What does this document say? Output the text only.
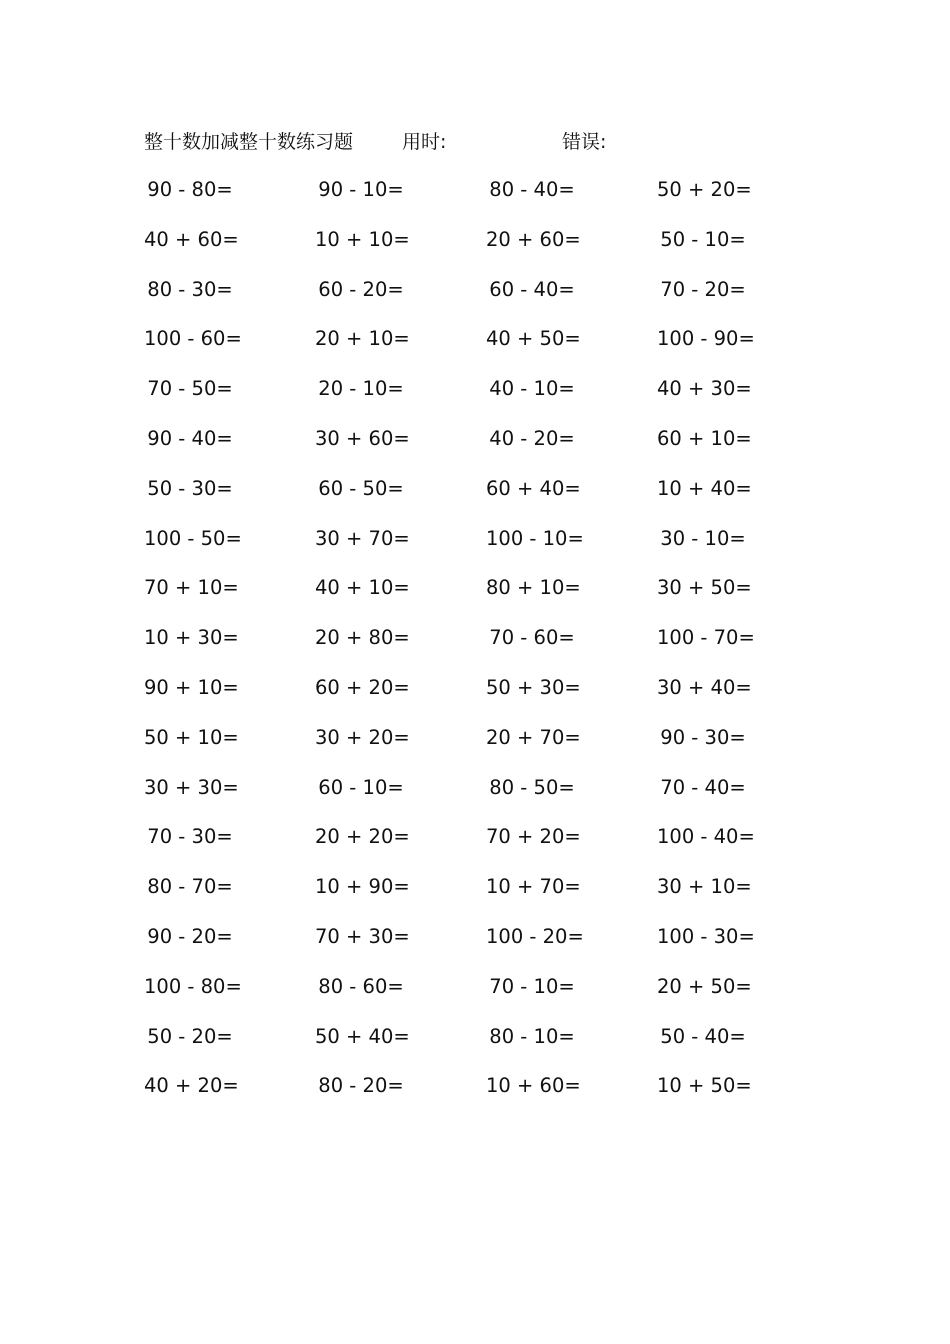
整十数加减整十数练习题	用时:	错误:
90 - 80=	90 - 10=	80 - 40=	50 + 20=
40 + 60=	10 + 10=	20 + 60=	50 - 10=
80 - 30=	60 - 20=	60 - 40=	70 - 20=
100 - 60=	20 + 10=	40 + 50=	100 - 90=
70 - 50=	20 - 10=	40 - 10=	40 + 30=
90 - 40=	30 + 60=	40 - 20=	60 + 10=
50 - 30=	60 - 50=	60 + 40=	10 + 40=
100 - 50=	30 + 70=	100 - 10=	30 - 10=
70 + 10=	40 + 10=	80 + 10=	30 + 50=
10 + 30=	20 + 80=	70 - 60=	100 - 70=
90 + 10=	60 + 20=	50 + 30=	30 + 40=
50 + 10=	30 + 20=	20 + 70=	90 - 30=
30 + 30=	60 - 10=	80 - 50=	70 - 40=
70 - 30=	20 + 20=	70 + 20=	100 - 40=
80 - 70=	10 + 90=	10 + 70=	30 + 10=
90 - 20=	70 + 30=	100 - 20=	100 - 30=
100 - 80=	80 - 60=	70 - 10=	20 + 50=
50 - 20=	50 + 40=	80 - 10=	50 - 40=
40 + 20=	80 - 20=	10 + 60=	10 + 50=
